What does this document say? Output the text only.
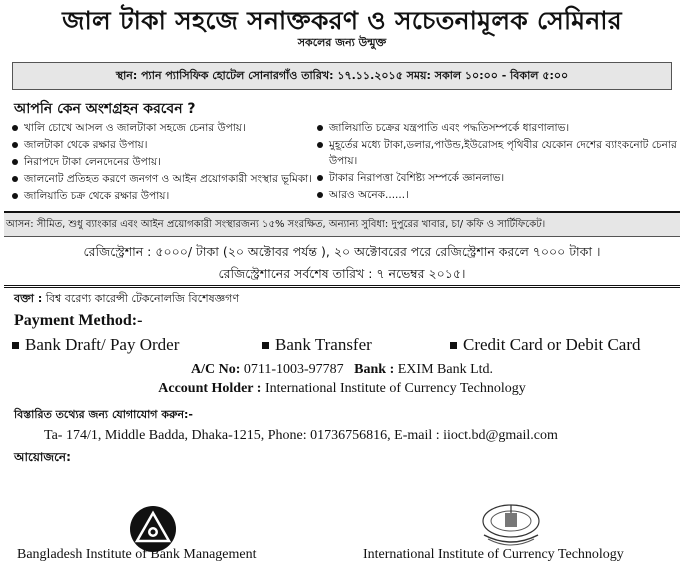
জাল টাকা সহজে সনাক্তকরণ ও সচেতনামূলক সেমিনার
সকলের জন্য উন্মুক্ত
স্থান: প্যান প্যাসিফিক হোটেল সোনারগাঁও তারিখ: ১৭.১১.২০১৫ সময়: সকাল ১০:০০ - বিকাল ৫:০০
আপনি কেন অংশগ্রহন করবেন ?
খালি চোখে আসল ও জালটাকা সহজে চেনার উপায়।
জালটাকা থেকে রক্ষার উপায়।
নিরাপদে টাকা লেনদেনের উপায়।
জালনোট প্রতিহত করণে জনগণ ও আইন প্রয়োগকারী সংস্থার ভূমিকা।
জালিয়াতি চক্র থেকে রক্ষার উপায়।
জালিয়াতি চক্রের যন্ত্রপাতি এবং পদ্ধতিসম্পর্কে ধারণালাভ।
মুহূর্তের মধ্যে টাকা,ডলার,পাউন্ড,ইউরোসহ পৃথিবীর যেকোন দেশের ব্যাংকনোট চেনার উপায়।
টাকার নিরাপত্তা বৈশিষ্ট্য সম্পর্কে জ্ঞানলাভ।
আরও অনেক......।
আসন: সীমিত, শুধু ব্যাংকার এবং আইন প্রয়োগকারী সংস্থারজন্য ১৫% সংরক্ষিত, অন্যান্য সুবিধা: দুপুরের খাবার, চা/ কফি ও সার্টিফিকেট।
রেজিস্ট্রেশান : ৫০০০/ টাকা (২০ অক্টোবর পর্যন্ত ), ২০ অক্টোবরের পরে রেজিস্ট্রেশান করলে ৭০০০ টাকা ।
রেজিস্ট্রেশানের সর্বশেষ তারিখ : ৭ নভেম্বর ২০১৫।
বক্তা : বিশ্ব বরেণ্য কারেন্সী টেকনোলজি বিশেষজ্ঞগণ
Payment Method:-
Bank Draft/ Pay Order	Bank Transfer	Credit Card or Debit Card
A/C No: 0711-1003-97787 Bank : EXIM Bank Ltd.
Account Holder : International Institute of Currency Technology
বিস্তারিত তথ্যের জন্য যোগাযোগ করুন:-
Ta- 174/1, Middle Badda, Dhaka-1215, Phone: 01736756816, E-mail : iioct.bd@gmail.com
আয়োজনে:
Bangladesh Institute of Bank Management	International Institute of Currency Technology
